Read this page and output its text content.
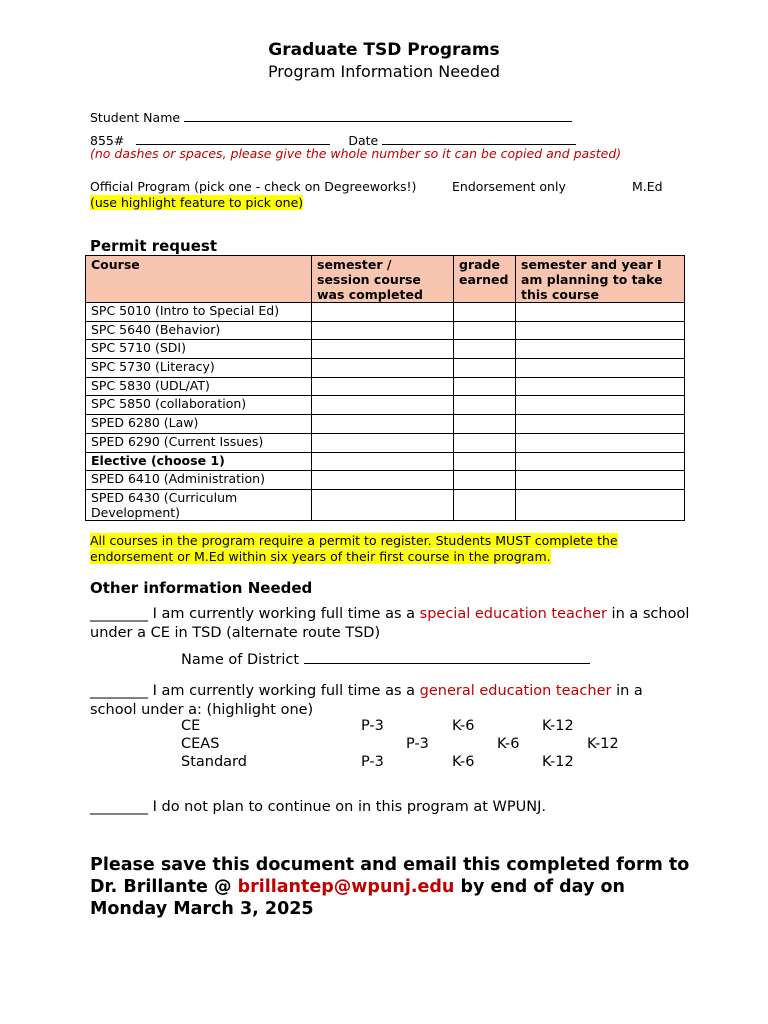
Graduate TSD Programs
Program Information Needed
Student Name
855#	Date
(no dashes or spaces, please give the whole number so it can be copied and pasted)
Official Program (pick one - check on Degreeworks!)	Endorsement only	M.Ed
(use highlight feature to pick one)
Permit request
Course	semester / session course was completed	grade earned	semester and year I am planning to take this course
SPC 5010 (Intro to Special Ed)			
SPC 5640 (Behavior)			
SPC 5710 (SDI)			
SPC 5730 (Literacy)			
SPC 5830 (UDL/AT)			
SPC 5850 (collaboration)			
SPED 6280 (Law)			
SPED 6290 (Current Issues)			
Elective (choose 1)			
SPED 6410 (Administration)			
SPED 6430 (Curriculum Development)			
All courses in the program require a permit to register. Students MUST complete the endorsement or M.Ed within six years of their first course in the program.
Other information Needed
________ I am currently working full time as a special education teacher in a school under a CE in TSD (alternate route TSD)
Name of District
________ I am currently working full time as a general education teacher in a school under a: (highlight one)
CE	P-3	K-6	K-12
CEAS	P-3	K-6	K-12
Standard	P-3	K-6	K-12
________ I do not plan to continue on in this program at WPUNJ.
Please save this document and email this completed form to Dr. Brillante @ brillantep@wpunj.edu by end of day on Monday March 3, 2025
